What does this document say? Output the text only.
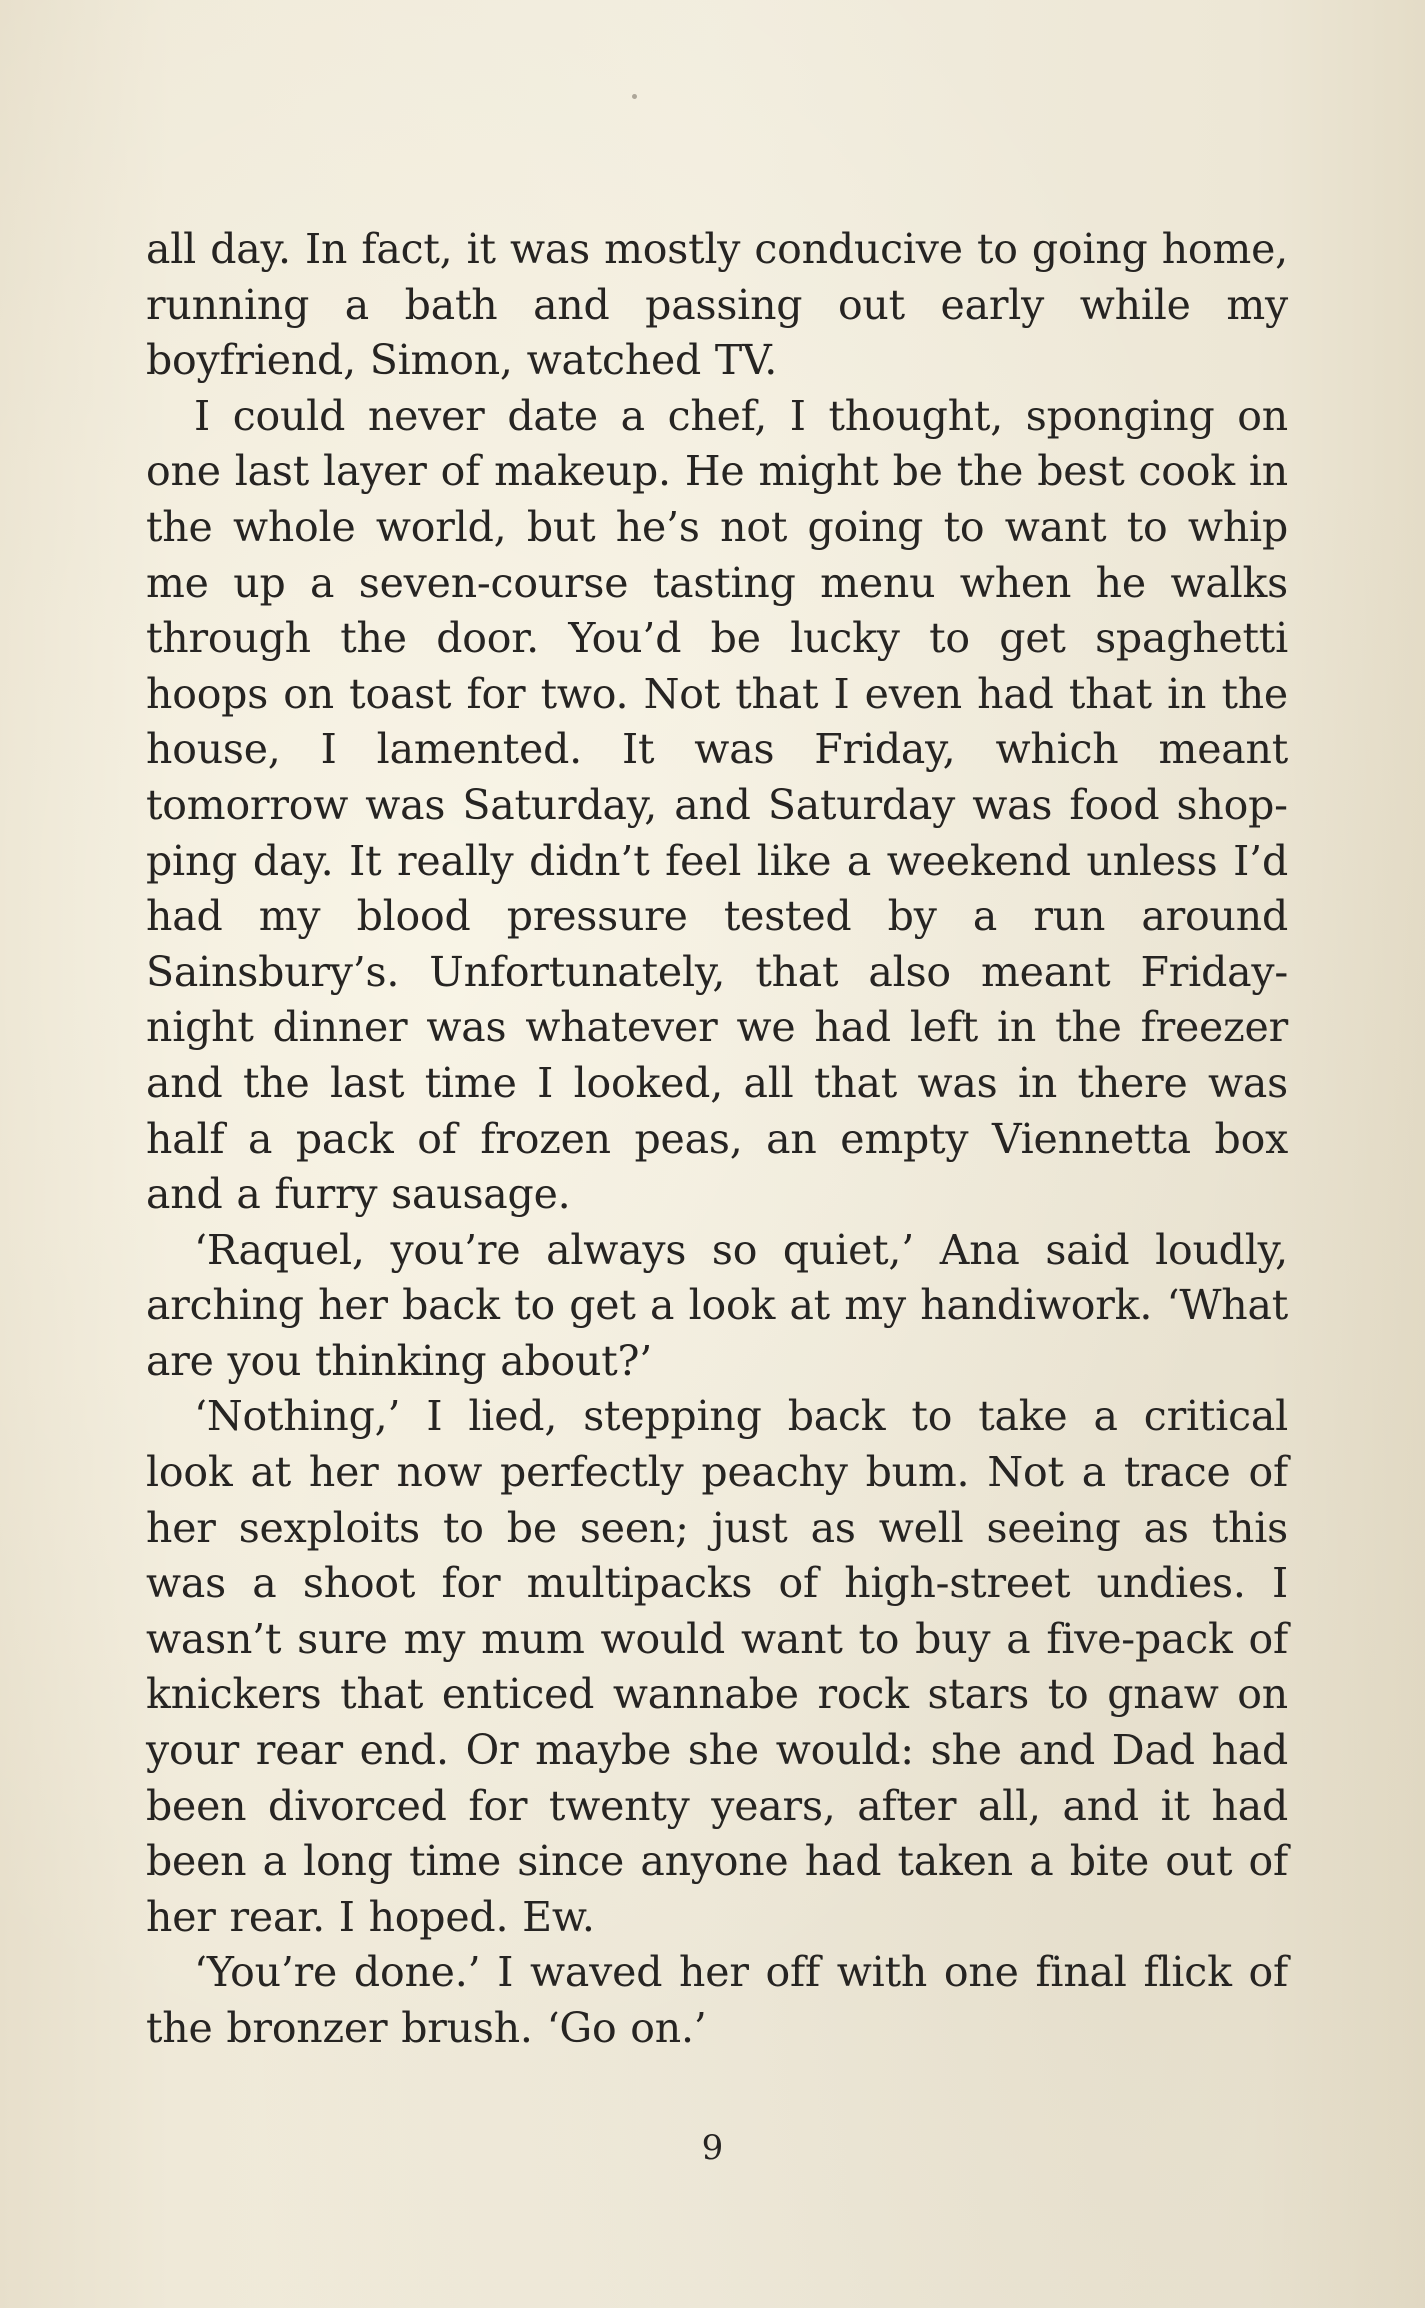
all day. In fact, it was mostly conducive to going home, running a bath and passing out early while my boyfriend, Simon, watched TV.

I could never date a chef, I thought, sponging on one last layer of makeup. He might be the best cook in the whole world, but he’s not going to want to whip me up a seven-course tasting menu when he walks through the door. You’d be lucky to get spaghetti hoops on toast for two. Not that I even had that in the house, I lamented. It was Friday, which meant tomorrow was Saturday, and Saturday was food shopping day. It really didn’t feel like a weekend unless I’d had my blood pressure tested by a run around Sainsbury’s. Unfortunately, that also meant Friday-night dinner was whatever we had left in the freezer and the last time I looked, all that was in there was half a pack of frozen peas, an empty Viennetta box and a furry sausage.

‘Raquel, you’re always so quiet,’ Ana said loudly, arching her back to get a look at my handiwork. ‘What are you thinking about?’

‘Nothing,’ I lied, stepping back to take a critical look at her now perfectly peachy bum. Not a trace of her sexploits to be seen; just as well seeing as this was a shoot for multipacks of high-street undies. I wasn’t sure my mum would want to buy a five-pack of knickers that enticed wannabe rock stars to gnaw on your rear end. Or maybe she would: she and Dad had been divorced for twenty years, after all, and it had been a long time since anyone had taken a bite out of her rear. I hoped. Ew.

‘You’re done.’ I waved her off with one final flick of the bronzer brush. ‘Go on.’

9
